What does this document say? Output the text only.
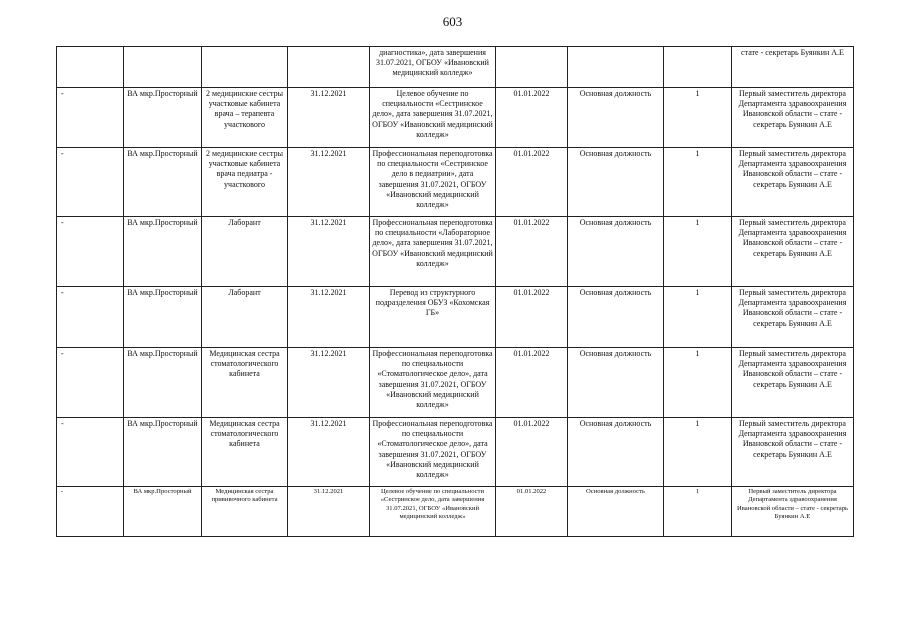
603
				диагностика», дата завершения 31.07.2021, ОГБОУ «Ивановский медицинский колледж»				стате - секретарь Буянкин А.Е
-	ВА мкр.Просторный	2 медицинские сестры участковые кабинета врача – терапевта участкового	31.12.2021	Целевое обучение по специальности «Сестринское дело», дата завершения 31.07.2021, ОГБОУ «Ивановский медицинский колледж»	01.01.2022	Основная должность	1	Первый заместитель директора Департамента здравоохранения Ивановской области – стате - секретарь Буянкин А.Е
-	ВА мкр.Просторный	2 медицинские сестры участковые кабинета врача педиатра - участкового	31.12.2021	Профессиональная переподготовка по специальности «Сестринское дело в педиатрии», дата завершения 31.07.2021, ОГБОУ «Ивановский медицинский колледж»	01.01.2022	Основная должность	1	Первый заместитель директора Департамента здравоохранения Ивановской области – стате - секретарь Буянкин А.Е
-	ВА мкр.Просторный	Лаборант	31.12.2021	Профессиональная переподготовка по специальности «Лабораторное дело», дата завершения 31.07.2021, ОГБОУ «Ивановский медицинский колледж»	01.01.2022	Основная должность	1	Первый заместитель директора Департамента здравоохранения Ивановской области – стате - секретарь Буянкин А.Е
-	ВА мкр.Просторный	Лаборант	31.12.2021	Перевод из структурного подразделения ОБУЗ «Кохомская ГБ»	01.01.2022	Основная должность	1	Первый заместитель директора Департамента здравоохранения Ивановской области – стате - секретарь Буянкин А.Е
-	ВА мкр.Просторный	Медицинская сестра стоматологического кабинета	31.12.2021	Профессиональная переподготовка по специальности «Стоматологическое дело», дата завершения 31.07.2021, ОГБОУ «Ивановский медицинский колледж»	01.01.2022	Основная должность	1	Первый заместитель директора Департамента здравоохранения Ивановской области – стате - секретарь Буянкин А.Е
-	ВА мкр.Просторный	Медицинская сестра стоматологического кабинета	31.12.2021	Профессиональная переподготовка по специальности «Стоматологическое дело», дата завершения 31.07.2021, ОГБОУ «Ивановский медицинский колледж»	01.01.2022	Основная должность	1	Первый заместитель директора Департамента здравоохранения Ивановской области – стате - секретарь Буянкин А.Е
-	ВА мкр.Просторный	Медицинская сестра прививочного кабинета	31.12.2021	Целевое обучение по специальности «Сестринское дело, дата завершения 31.07.2021, ОГБОУ «Ивановский медицинский колледж»	01.01.2022	Основная должность	1	Первый заместитель директора Департамента здравоохранения Ивановской области – стате - секретарь Буянкин А.Е
